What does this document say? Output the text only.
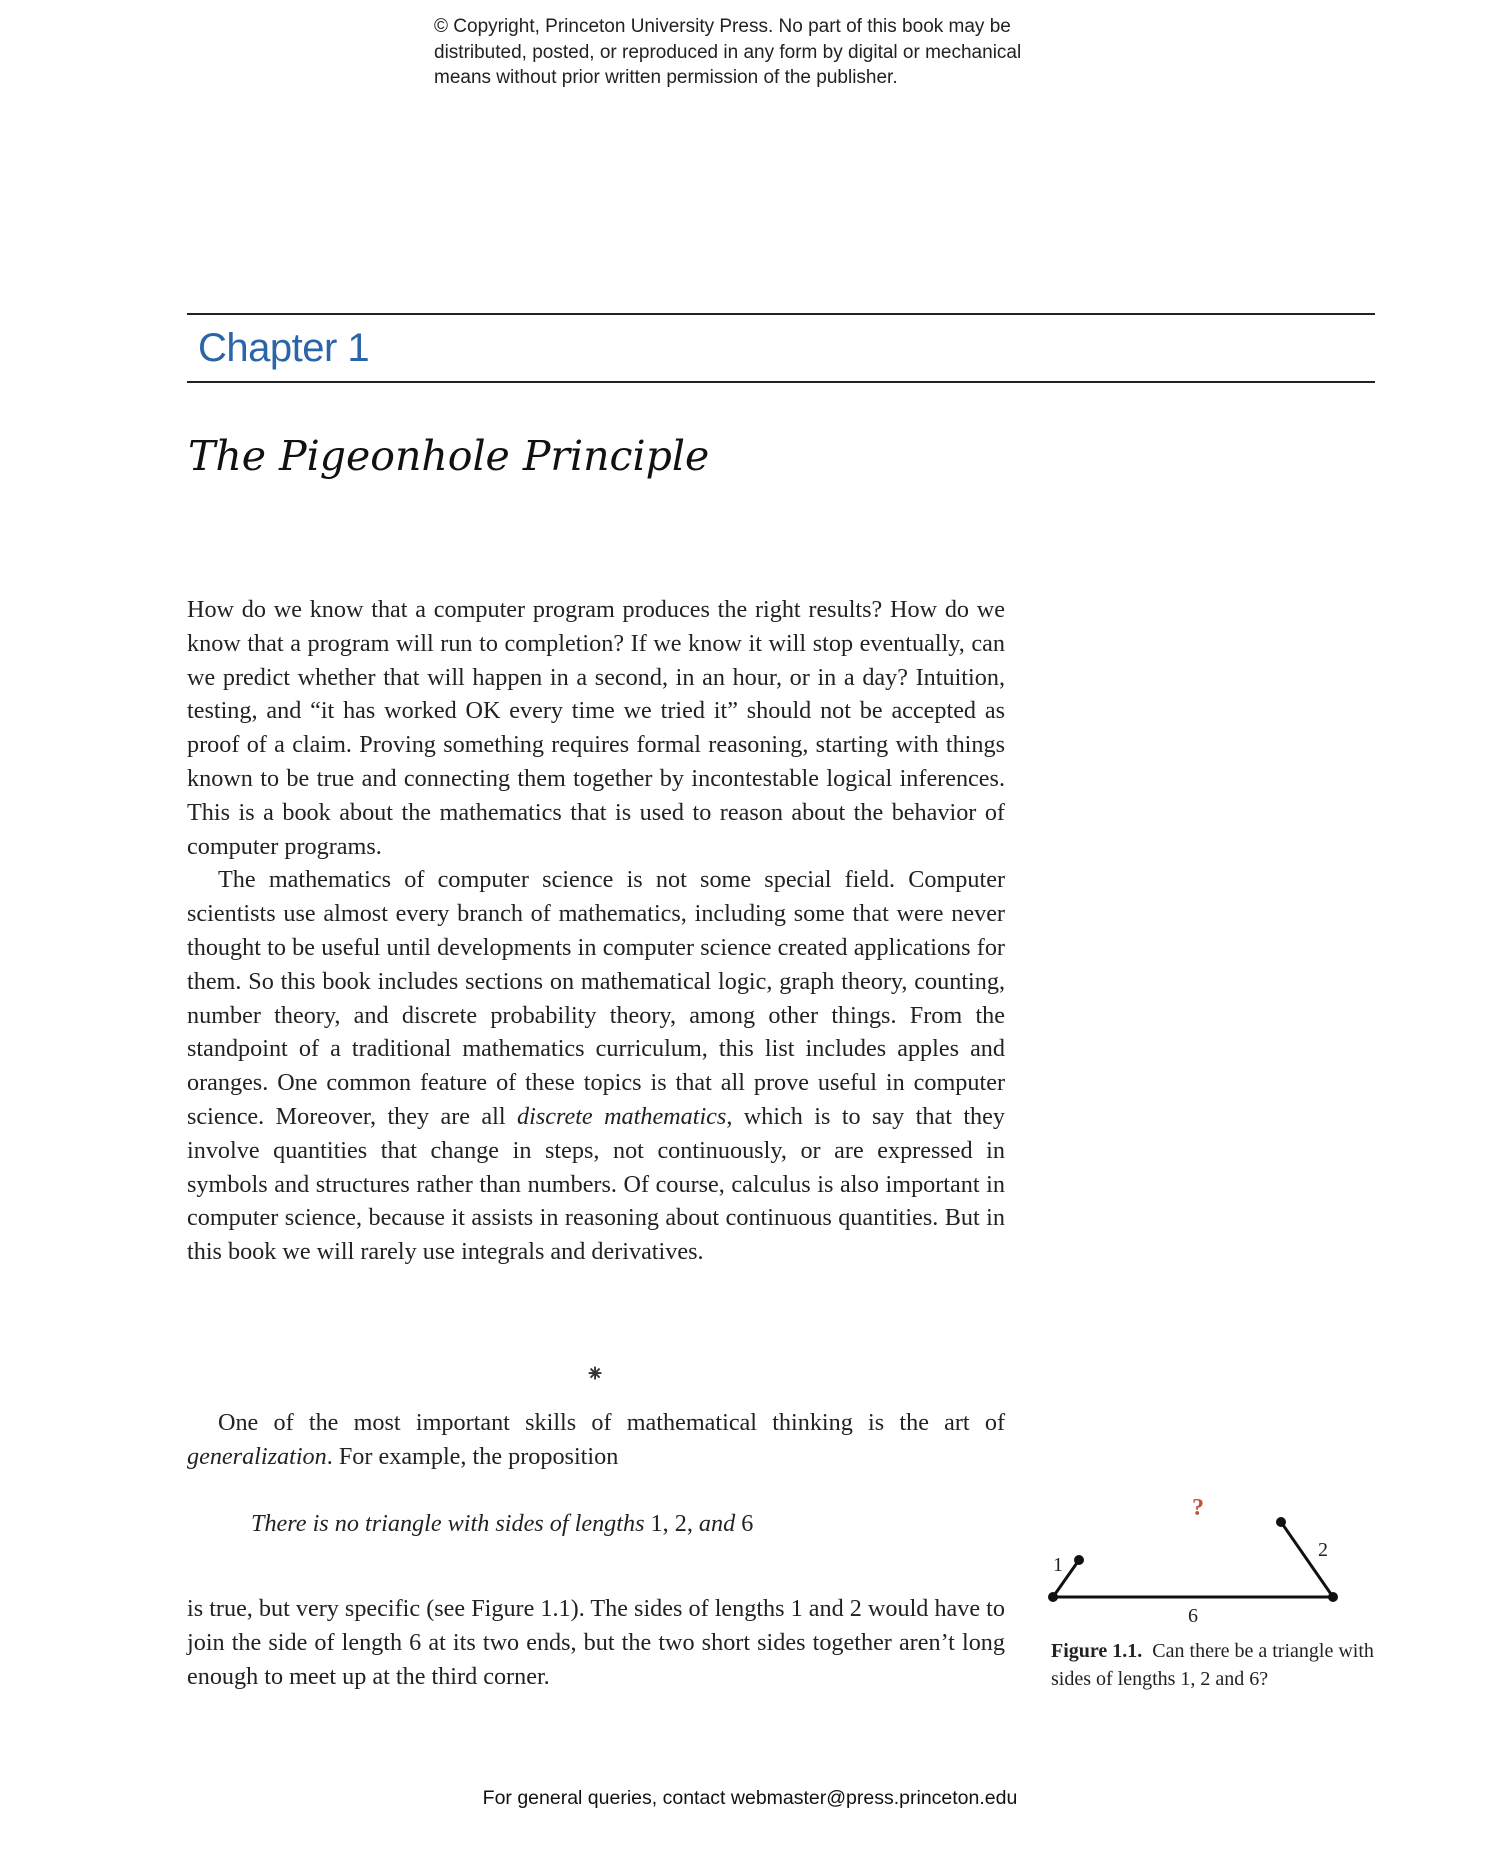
© Copyright, Princeton University Press. No part of this book may be
distributed, posted, or reproduced in any form by digital or mechanical
means without prior written permission of the publisher.
Chapter 1
The Pigeonhole Principle

How do we know that a computer program produces the right results? How do we know that a program will run to completion? If we know it will stop eventually, can we predict whether that will happen in a second, in an hour, or in a day? Intuition, testing, and “it has worked OK every time we tried it” should not be accepted as proof of a claim. Proving something requires formal reasoning, starting with things known to be true and connecting them together by incontestable logical inferences. This is a book about the mathematics that is used to reason about the behavior of computer programs.

The mathematics of computer science is not some special field. Computer scientists use almost every branch of mathematics, including some that were never thought to be useful until developments in computer science created applications for them. So this book includes sections on mathematical logic, graph theory, counting, number theory, and discrete probability theory, among other things. From the standpoint of a traditional mathematics curriculum, this list includes apples and oranges. One common feature of these topics is that all prove useful in computer science. Moreover, they are all discrete mathematics, which is to say that they involve quantities that change in steps, not continuously, or are expressed in symbols and structures rather than numbers. Of course, calculus is also important in computer science, because it assists in reasoning about continuous quantities. But in this book we will rarely use integrals and derivatives.

⁕

One of the most important skills of mathematical thinking is the art of generalization. For example, the proposition

There is no triangle with sides of lengths 1, 2, and 6

is true, but very specific (see Figure 1.1). The sides of lengths 1 and 2 would have to join the side of length 6 at its two ends, but the two short sides together aren’t long enough to meet up at the third corner.

?
1
2
6
Figure 1.1. Can there be a triangle with sides of lengths 1, 2 and 6?
For general queries, contact webmaster@press.princeton.edu
